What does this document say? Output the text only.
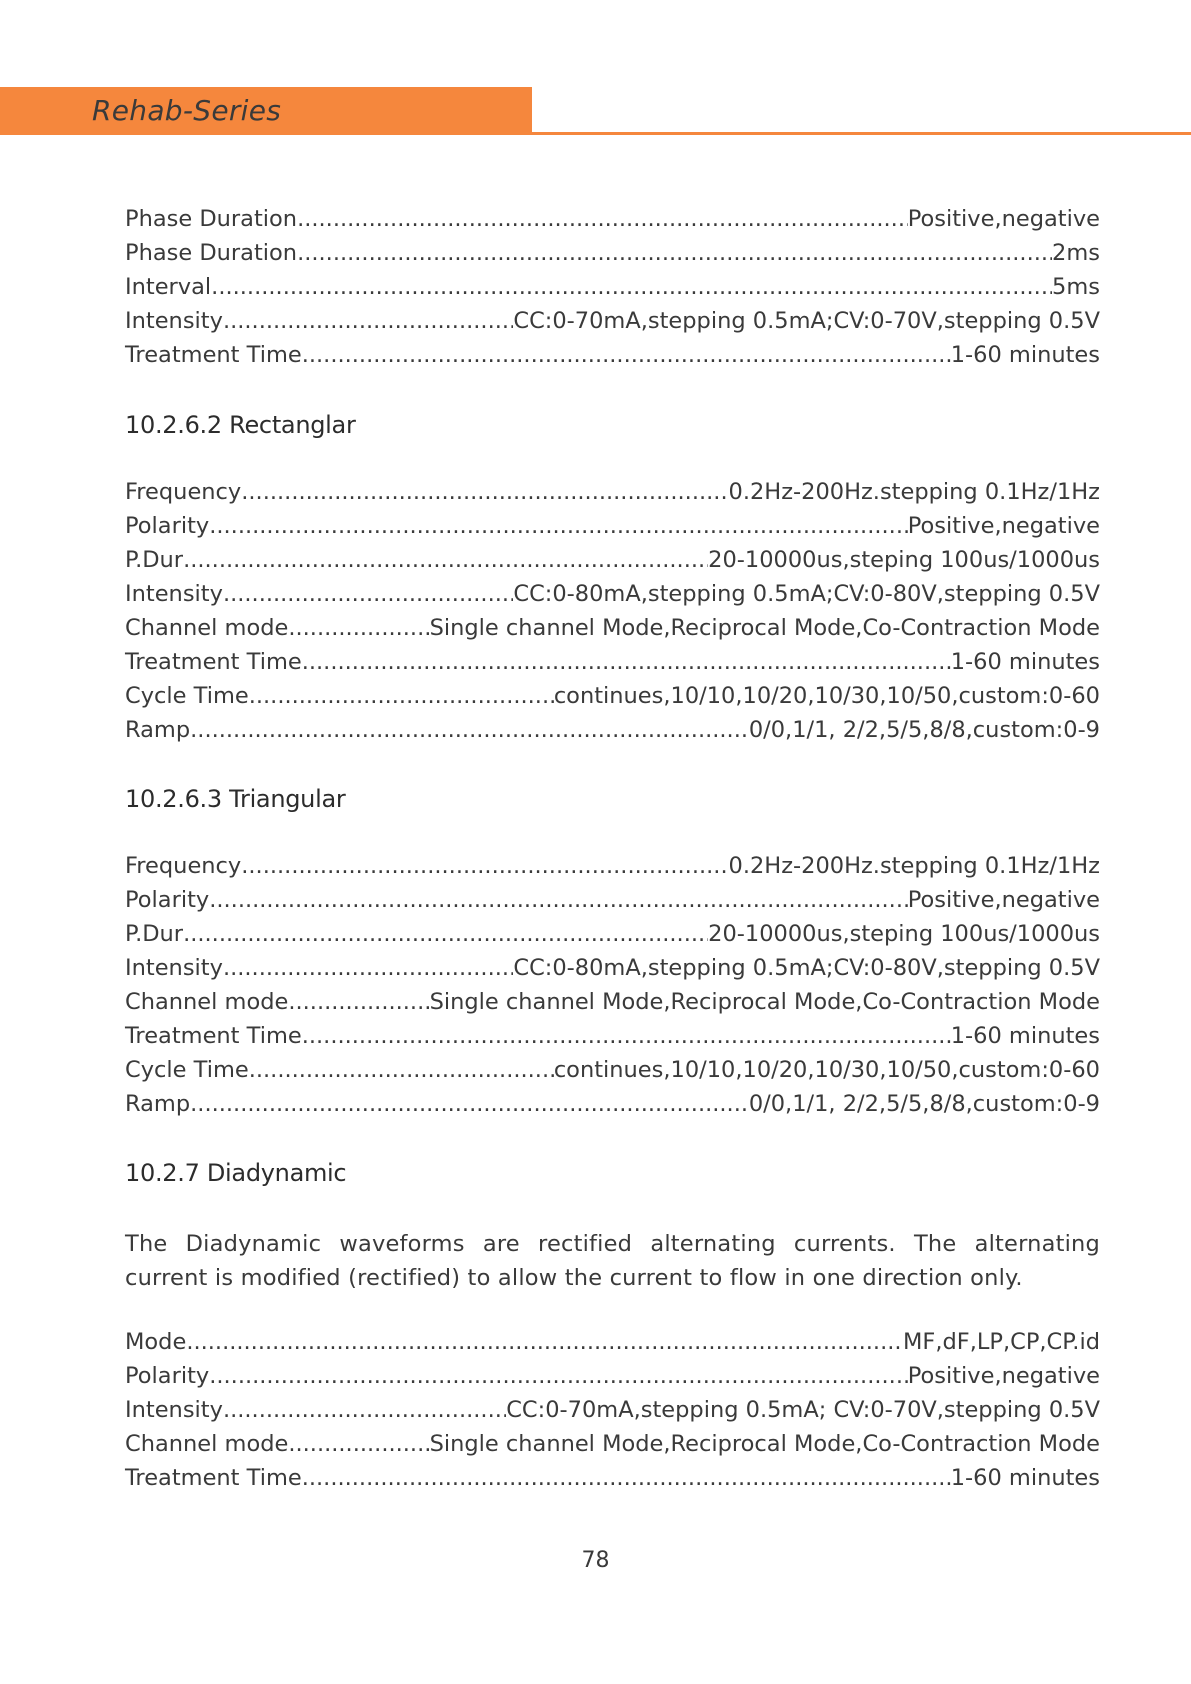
Rehab-Series
Phase Duration .....	Positive,negative
Phase Duration .....	2ms
Interval .....	5ms
Intensity .....	CC:0-70mA,stepping 0.5mA;CV:0-70V,stepping 0.5V
Treatment Time .....	1-60 minutes
10.2.6.2 Rectanglar
Frequency .....	0.2Hz-200Hz.stepping 0.1Hz/1Hz
Polarity .....	Positive,negative
P.Dur .....	20-10000us,steping 100us/1000us
Intensity .....	CC:0-80mA,stepping 0.5mA;CV:0-80V,stepping 0.5V
Channel mode .....	Single channel Mode,Reciprocal Mode,Co-Contraction Mode
Treatment Time .....	1-60 minutes
Cycle Time .....	continues,10/10,10/20,10/30,10/50,custom:0-60
Ramp .....	0/0,1/1, 2/2,5/5,8/8,custom:0-9
10.2.6.3 Triangular
Frequency .....	0.2Hz-200Hz.stepping 0.1Hz/1Hz
Polarity .....	Positive,negative
P.Dur .....	20-10000us,steping 100us/1000us
Intensity .....	CC:0-80mA,stepping 0.5mA;CV:0-80V,stepping 0.5V
Channel mode .....	Single channel Mode,Reciprocal Mode,Co-Contraction Mode
Treatment Time .....	1-60 minutes
Cycle Time .....	continues,10/10,10/20,10/30,10/50,custom:0-60
Ramp .....	0/0,1/1, 2/2,5/5,8/8,custom:0-9
10.2.7 Diadynamic
The Diadynamic waveforms are rectified alternating currents. The alternating current is modified (rectified) to allow the current to flow in one direction only.
Mode .....	MF,dF,LP,CP,CP.id
Polarity .....	Positive,negative
Intensity .....	CC:0-70mA,stepping 0.5mA; CV:0-70V,stepping 0.5V
Channel mode .....	Single channel Mode,Reciprocal Mode,Co-Contraction Mode
Treatment Time .....	1-60 minutes
78
